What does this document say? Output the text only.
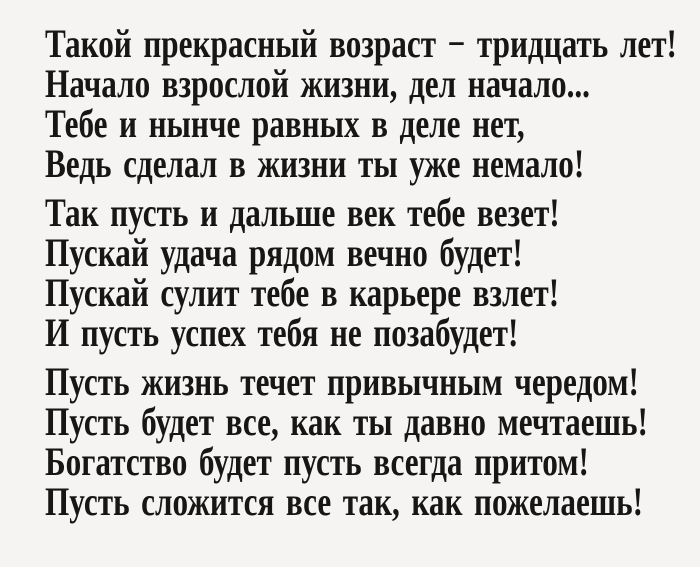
Такой прекрасный возраст − тридцать лет!
Начало взрослой жизни, дел начало...
Тебе и нынче равных в деле нет,
Ведь сделал в жизни ты уже немало!
Так пусть и дальше век тебе везет!
Пускай удача рядом вечно будет!
Пускай сулит тебе в карьере взлет!
И пусть успех тебя не позабудет!
Пусть жизнь течет привычным чередом!
Пусть будет все, как ты давно мечтаешь!
Богатство будет пусть всегда притом!
Пусть сложится все так, как пожелаешь!
